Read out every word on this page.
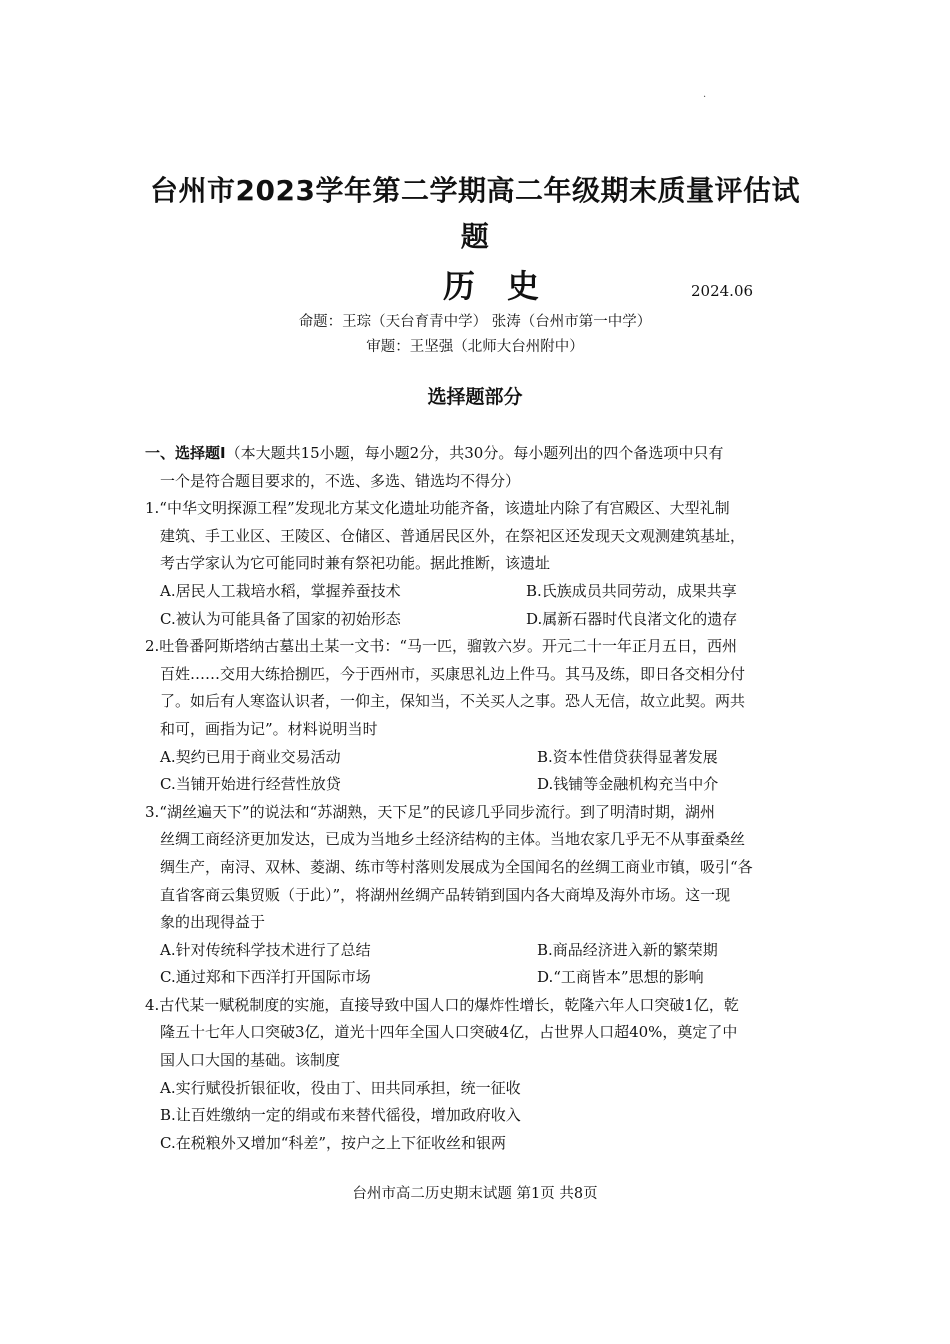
·
台州市2023学年第二学期高二年级期末质量评估试
题
历史	2024.06
命题：王琮（天台育青中学） 张涛（台州市第一中学）
审题：王坚强（北师大台州附中）
选择题部分
一、选择题Ⅰ（本大题共15小题，每小题2分，共30分。每小题列出的四个备选项中只有
一个是符合题目要求的，不选、多选、错选均不得分）
1.“中华文明探源工程”发现北方某文化遗址功能齐备，该遗址内除了有宫殿区、大型礼制
建筑、手工业区、王陵区、仓储区、普通居民区外，在祭祀区还发现天文观测建筑基址，
考古学家认为它可能同时兼有祭祀功能。据此推断，该遗址
A.居民人工栽培水稻，掌握养蚕技术	B.氏族成员共同劳动，成果共享
C.被认为可能具备了国家的初始形态	D.属新石器时代良渚文化的遗存
2.吐鲁番阿斯塔纳古墓出土某一文书：“马一匹，骝敦六岁。开元二十一年正月五日，西州
百姓……交用大练拾捌匹，今于西州市，买康思礼边上件马。其马及练，即日各交相分付
了。如后有人寒盗认识者，一仰主，保知当，不关买人之事。恐人无信，故立此契。两共
和可，画指为记”。材料说明当时
A.契约已用于商业交易活动	B.资本性借贷获得显著发展
C.当铺开始进行经营性放贷	D.钱铺等金融机构充当中介
3.“湖丝遍天下”的说法和“苏湖熟，天下足”的民谚几乎同步流行。到了明清时期，湖州
丝绸工商经济更加发达，已成为当地乡土经济结构的主体。当地农家几乎无不从事蚕桑丝
绸生产，南浔、双林、菱湖、练市等村落则发展成为全国闻名的丝绸工商业市镇，吸引“各
直省客商云集贸贩（于此）”，将湖州丝绸产品转销到国内各大商埠及海外市场。这一现
象的出现得益于
A.针对传统科学技术进行了总结	B.商品经济进入新的繁荣期
C.通过郑和下西洋打开国际市场	D.“工商皆本”思想的影响
4.古代某一赋税制度的实施，直接导致中国人口的爆炸性增长，乾隆六年人口突破1亿，乾
隆五十七年人口突破3亿，道光十四年全国人口突破4亿，占世界人口超40%，奠定了中
国人口大国的基础。该制度
A.实行赋役折银征收，役由丁、田共同承担，统一征收
B.让百姓缴纳一定的绢或布来替代徭役，增加政府收入
C.在税粮外又增加“科差”，按户之上下征收丝和银两
台州市高二历史期末试题 第1页 共8页
